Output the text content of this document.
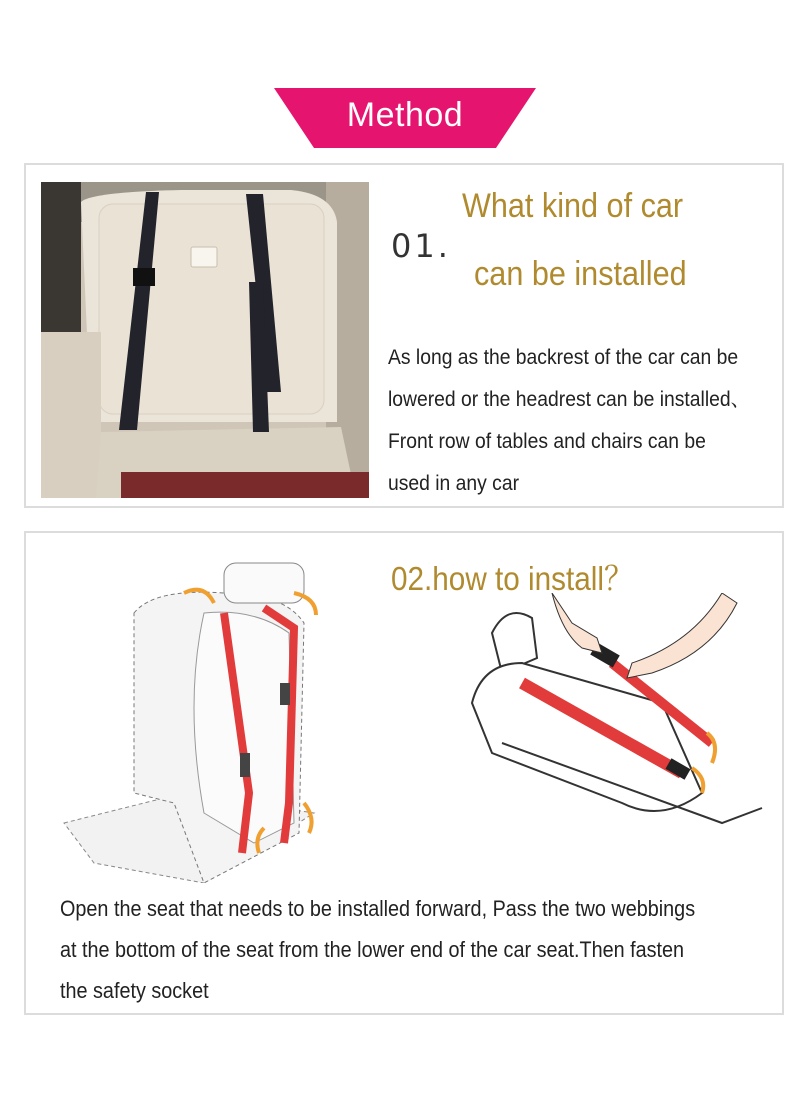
Method
01.
What kind of car
can be installed
As long as the backrest of the car can be
lowered or the headrest can be installed、
Front row of tables and chairs can be
used in any car
02.how to install？
Open the seat that needs to be installed forward, Pass the two webbings
at the bottom of the seat from the lower end of the car seat.Then fasten
the safety socket
